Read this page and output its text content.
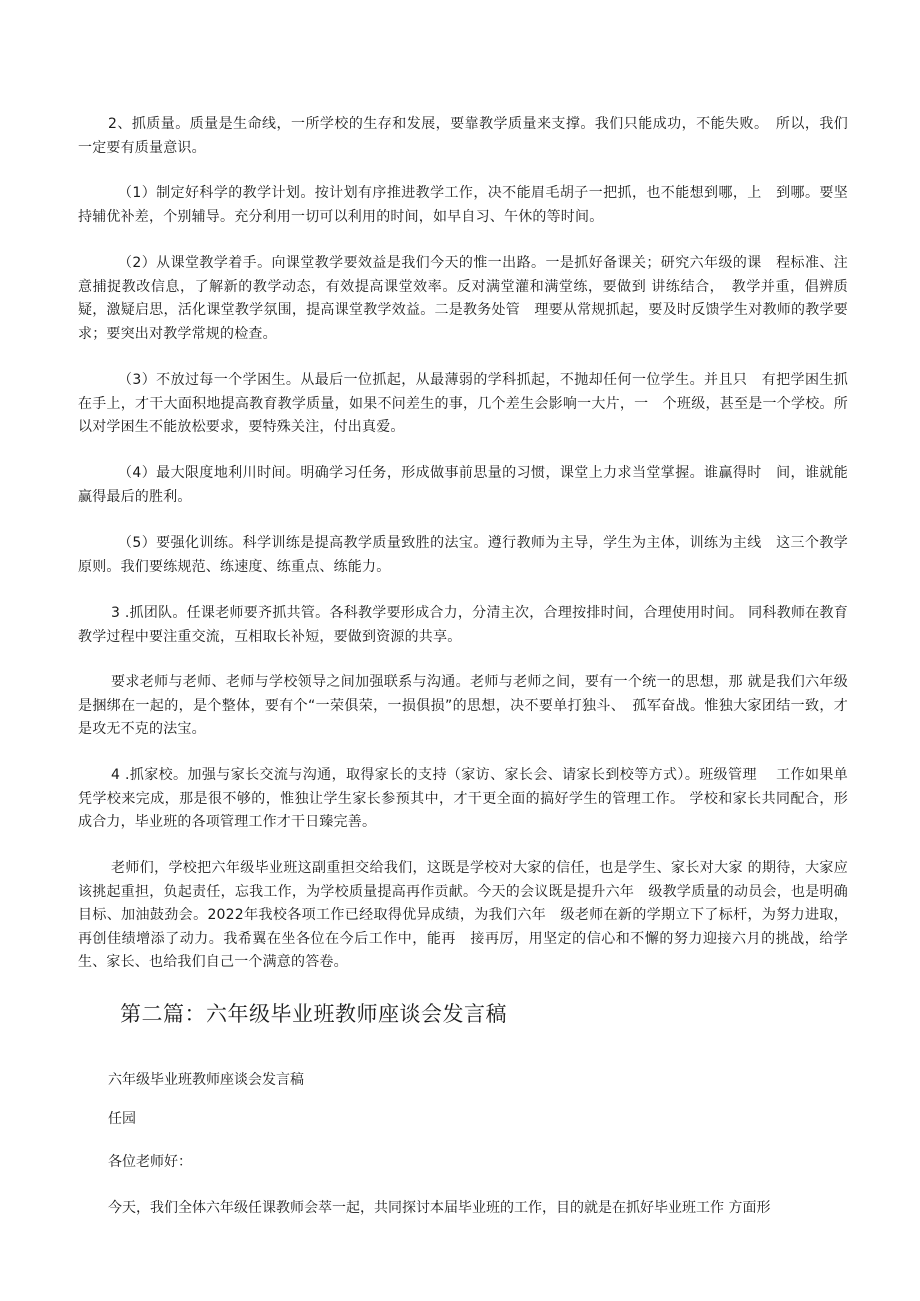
2、抓质量。质量是生命线，一所学校的生存和发展，要靠教学质量来支撑。我们只能成功，不能失败。　所以，我们一定要有质量意识。

（1）制定好科学的教学计划。按计划有序推进教学工作，决不能眉毛胡子一把抓，也不能想到哪，上　到哪。要坚持辅优补差，个别辅导。充分利用一切可以利用的时间，如早自习、午休的等时间。

（2）从课堂教学着手。向课堂教学要效益是我们今天的惟一出路。一是抓好备课关；研究六年级的课　程标准、注意捕捉教改信息，了解新的教学动态，有效提高课堂效率。反对满堂灌和满堂练，要做到 讲练结合，　教学并重，倡辨质疑，激疑启思，活化课堂教学氛围，提高课堂教学效益。二是教务处管　理要从常规抓起，要及时反馈学生对教师的教学要求；要突出对教学常规的检查。

（3）不放过每一个学困生。从最后一位抓起，从最薄弱的学科抓起，不抛却任何一位学生。并且只　有把学困生抓在手上，才干大面积地提高教育教学质量，如果不问差生的事，几个差生会影响一大片，一　个班级，甚至是一个学校。所以对学困生不能放松要求，要特殊关注，付出真爱。

（4）最大限度地利川时间。明确学习任务，形成做事前思量的习惯，课堂上力求当堂掌握。谁赢得时　间，谁就能赢得最后的胜利。

（5）要强化训练。科学训练是提高教学质量致胜的法宝。遵行教师为主导，学生为主体，训练为主线　这三个教学原则。我们要练规范、练速度、练重点、练能力。

3 .抓团队。任课老师要齐抓共管。各科教学要形成合力，分清主次，合理按排时间，合理使用时间。 同科教师在教育教学过程中要注重交流，互相取长补短，要做到资源的共享。

要求老师与老师、老师与学校领导之间加强联系与沟通。老师与老师之间，要有一个统一的思想，那 就是我们六年级是捆绑在一起的，是个整体，要有个“一荣俱荣，一损俱损”的思想，决不要单打独斗、　孤军奋战。惟独大家团结一致，才是攻无不克的法宝。

4 .抓家校。加强与家长交流与沟通，取得家长的支持（家访、家长会、请家长到校等方式）。班级管理　 工作如果单凭学校来完成，那是很不够的，惟独让学生家长参预其中，才干更全面的搞好学生的管理工作。 学校和家长共同配合，形成合力，毕业班的各项管理工作才干日臻完善。

老师们，学校把六年级毕业班这副重担交给我们，这既是学校对大家的信任，也是学生、家长对大家 的期待，大家应该挑起重担，负起责任，忘我工作，为学校质量提高再作贡献。今天的会议既是提升六年　级教学质量的动员会，也是明确目标、加油鼓劲会。2022年我校各项工作已经取得优异成绩，为我们六年　级老师在新的学期立下了标杆，为努力进取，再创佳绩增添了动力。我希翼在坐各位在今后工作中，能再　接再厉，用坚定的信心和不懈的努力迎接六月的挑战，给学生、家长、也给我们自己一个满意的答卷。

第二篇：六年级毕业班教师座谈会发言稿

六年级毕业班教师座谈会发言稿

任园

各位老师好：

今天，我们全体六年级任课教师会萃一起，共同探讨本届毕业班的工作，目的就是在抓好毕业班工作 方面形
